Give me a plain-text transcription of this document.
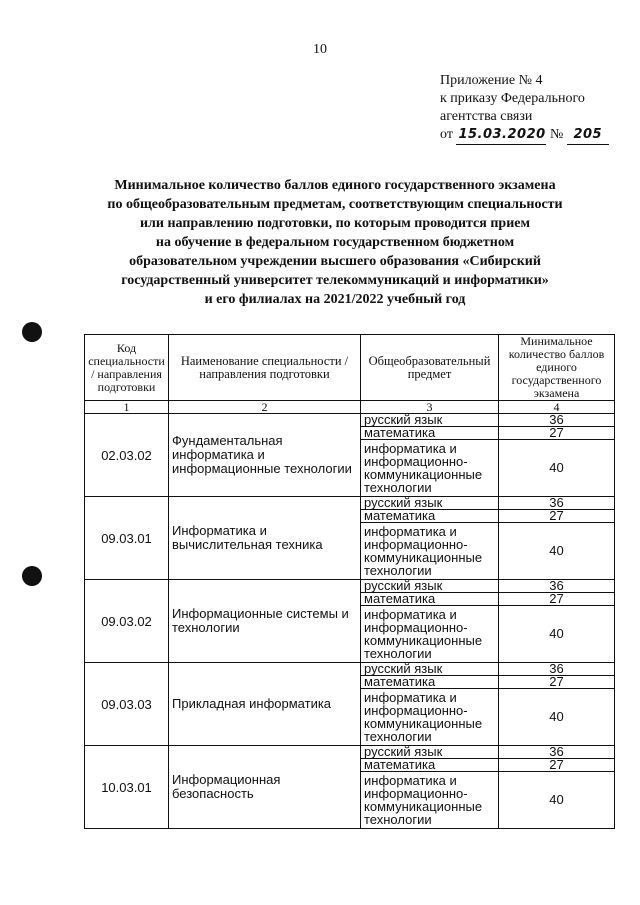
10
Приложение № 4
к приказу Федерального
агентства связи
от 15.03.2020 № 205
Минимальное количество баллов единого государственного экзамена
по общеобразовательным предметам, соответствующим специальности
или направлению подготовки, по которым проводится прием
на обучение в федеральном государственном бюджетном
образовательном учреждении высшего образования «Сибирский
государственный университет телекоммуникаций и информатики»
и его филиалах на 2021/2022 учебный год
Код специальности / направления подготовки	Наименование специальности / направления подготовки	Общеобразовательный предмет	Минимальное количество баллов единого государственного экзамена
1	2	3	4
02.03.02	Фундаментальная информатика и информационные технологии	русский язык	36
		математика	27
		информатика и информационно-коммуникационные технологии	40
09.03.01	Информатика и вычислительная техника	русский язык	36
		математика	27
		информатика и информационно-коммуникационные технологии	40
09.03.02	Информационные системы и технологии	русский язык	36
		математика	27
		информатика и информационно-коммуникационные технологии	40
09.03.03	Прикладная информатика	русский язык	36
		математика	27
		информатика и информационно-коммуникационные технологии	40
10.03.01	Информационная безопасность	русский язык	36
		математика	27
		информатика и информационно-коммуникационные технологии	40
